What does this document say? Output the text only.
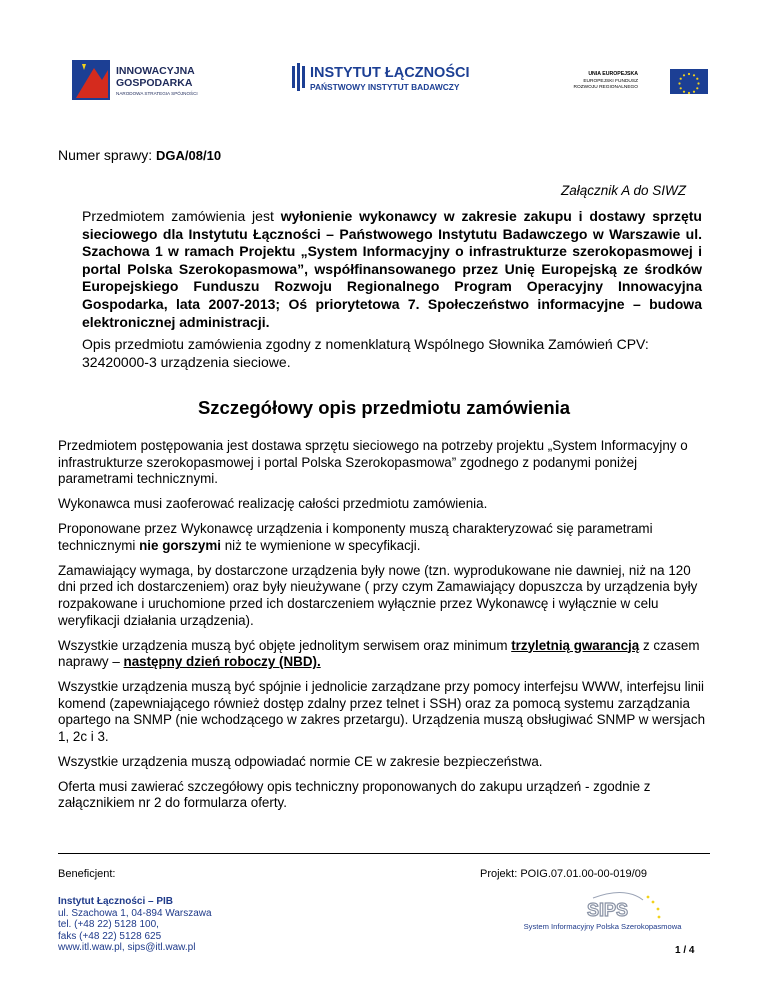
INNOWACYJNA
GOSPODARKA
NARODOWA STRATEGIA SPÓJNOŚCI
INSTYTUT ŁĄCZNOŚCI
PAŃSTWOWY INSTYTUT BADAWCZY
UNIA EUROPEJSKA
EUROPEJSKI FUNDUSZ
ROZWOJU REGIONALNEGO
Numer sprawy: DGA/08/10
Załącznik A do SIWZ

Przedmiotem zamówienia jest wyłonienie wykonawcy w zakresie zakupu i dostawy sprzętu sieciowego dla Instytutu Łączności – Państwowego Instytutu Badawczego w Warszawie ul. Szachowa 1 w ramach Projektu „System Informacyjny o infrastrukturze szerokopasmowej i portal Polska Szerokopasmowa”, współfinansowanego przez Unię Europejską ze środków Europejskiego Funduszu Rozwoju Regionalnego Program Operacyjny Innowacyjna Gospodarka, lata 2007-2013; Oś priorytetowa 7. Społeczeństwo informacyjne – budowa elektronicznej administracji.

Opis przedmiotu zamówienia zgodny z nomenklaturą Wspólnego Słownika Zamówień CPV:
32420000-3 urządzenia sieciowe.
Szczegółowy opis przedmiotu zamówienia

Przedmiotem postępowania jest dostawa sprzętu sieciowego na potrzeby projektu „System Informacyjny o infrastrukturze szerokopasmowej i portal Polska Szerokopasmowa” zgodnego z podanymi poniżej parametrami technicznymi.

Wykonawca musi zaoferować realizację całości przedmiotu zamówienia.

Proponowane przez Wykonawcę urządzenia i komponenty muszą charakteryzować się parametrami technicznymi nie gorszymi niż te wymienione w specyfikacji.

Zamawiający wymaga, by dostarczone urządzenia były nowe (tzn. wyprodukowane nie dawniej, niż na 120 dni przed ich dostarczeniem) oraz były nieużywane ( przy czym Zamawiający dopuszcza by urządzenia były rozpakowane i uruchomione przed ich dostarczeniem wyłącznie przez Wykonawcę i wyłącznie w celu weryfikacji działania urządzenia).

Wszystkie urządzenia muszą być objęte jednolitym serwisem oraz minimum trzyletnią gwarancją z czasem naprawy – następny dzień roboczy (NBD).

Wszystkie urządzenia muszą być spójnie i jednolicie zarządzane przy pomocy interfejsu WWW, interfejsu linii komend (zapewniającego również dostęp zdalny przez telnet i SSH) oraz za pomocą systemu zarządzania opartego na SNMP (nie wchodzącego w zakres przetargu). Urządzenia muszą obsługiwać SNMP w wersjach 1, 2c i 3.

Wszystkie urządzenia muszą odpowiadać normie CE w zakresie bezpieczeństwa.

Oferta musi zawierać szczegółowy opis techniczny proponowanych do zakupu urządzeń - zgodnie z załącznikiem nr 2 do formularza oferty.

Beneficjent:	Projekt: POIG.07.01.00-00-019/09
Instytut Łączności – PIB
ul. Szachowa 1, 04-894 Warszawa
tel. (+48 22) 5128 100,
faks (+48 22) 5128 625
www.itl.waw.pl, sips@itl.waw.pl
SIPS
System Informacyjny Polska Szerokopasmowa
1 / 4
